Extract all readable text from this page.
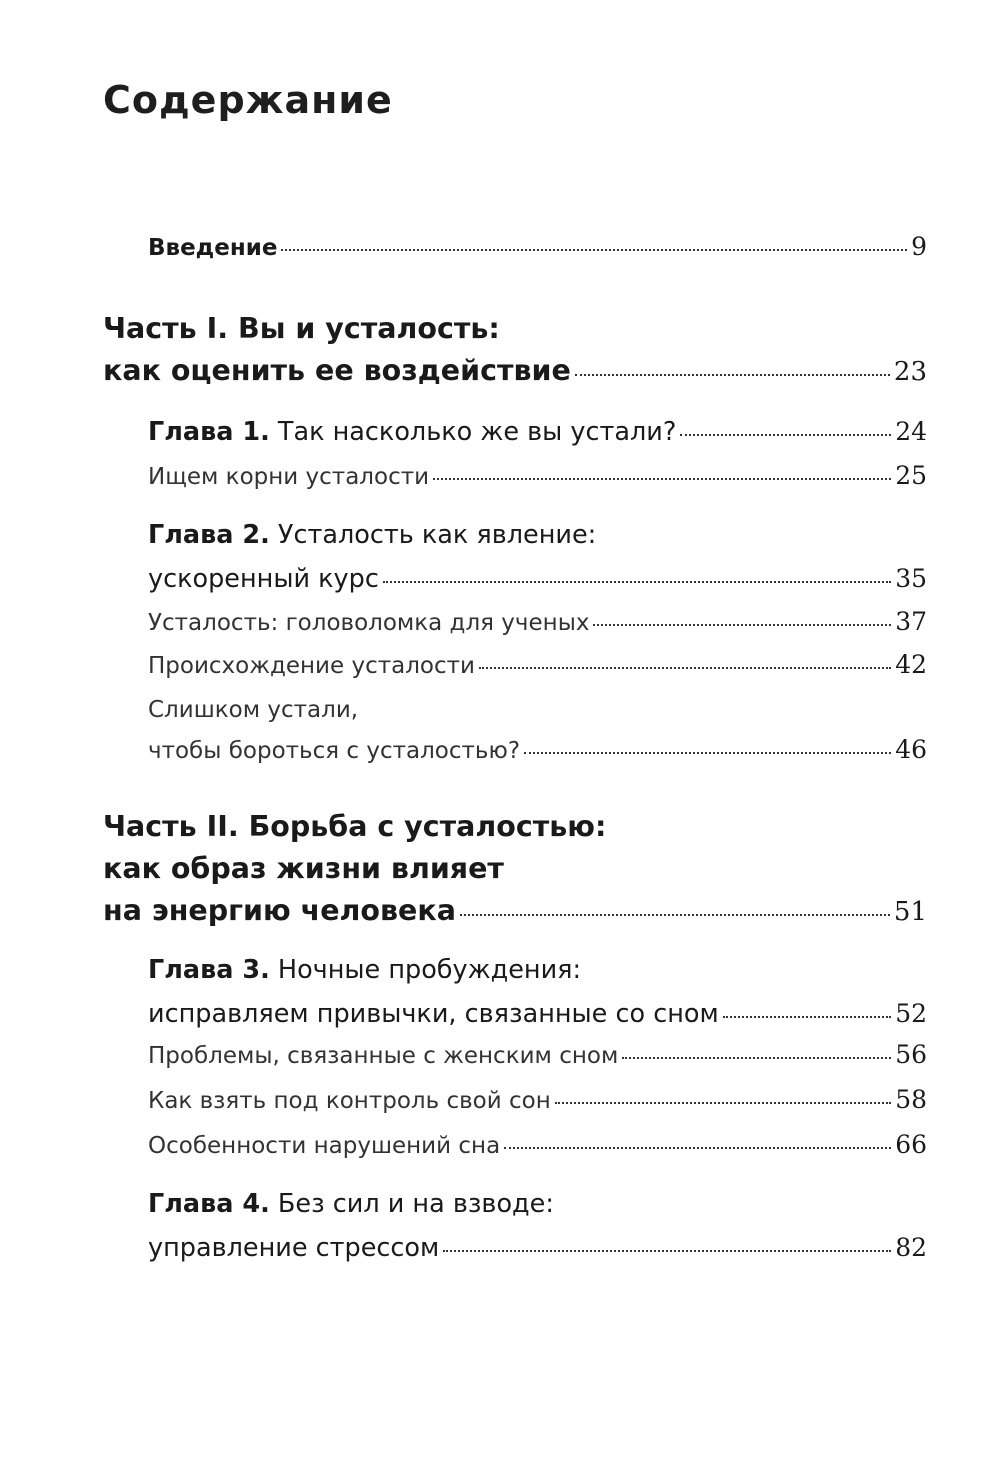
Содержание
Введение	9
Часть I. Вы и усталость:
как оценить ее воздействие	23
Глава 1. Так насколько же вы устали?	24
Ищем корни усталости	25
Глава 2. Усталость как явление:
ускоренный курс	35
Усталость: головоломка для ученых	37
Происхождение усталости	42
Слишком устали,
чтобы бороться с усталостью?	46
Часть II. Борьба с усталостью:
как образ жизни влияет
на энергию человека	51
Глава 3. Ночные пробуждения:
исправляем привычки, связанные со сном	52
Проблемы, связанные с женским сном	56
Как взять под контроль свой сон	58
Особенности нарушений сна	66
Глава 4. Без сил и на взводе:
управление стрессом	82
